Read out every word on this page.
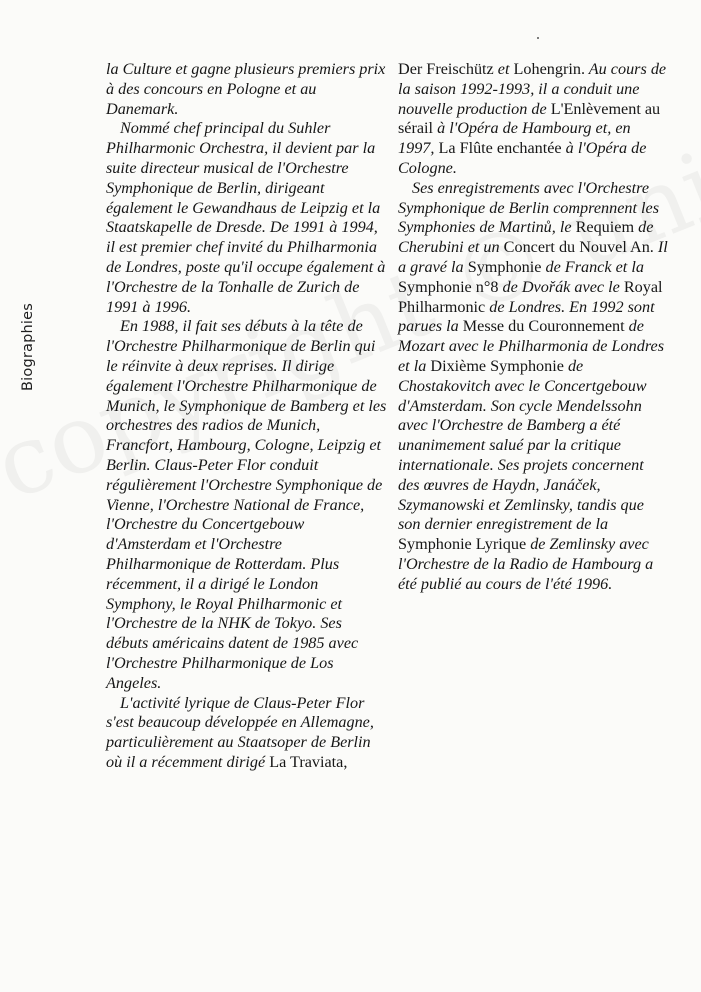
Biographies

la Culture et gagne plusieurs premiers prix à des concours en Pologne et au Danemark.

Nommé chef principal du Suhler Philharmonic Orchestra, il devient par la suite directeur musical de l'Orchestre Symphonique de Berlin, dirigeant également le Gewandhaus de Leipzig et la Staatskapelle de Dresde. De 1991 à 1994, il est premier chef invité du Philharmonia de Londres, poste qu'il occupe également à l'Orchestre de la Tonhalle de Zurich de 1991 à 1996.

En 1988, il fait ses débuts à la tête de l'Orchestre Philharmonique de Berlin qui le réinvite à deux reprises. Il dirige également l'Orchestre Philharmonique de Munich, le Symphonique de Bamberg et les orchestres des radios de Munich, Francfort, Hambourg, Cologne, Leipzig et Berlin. Claus-Peter Flor conduit régulièrement l'Orchestre Symphonique de Vienne, l'Orchestre National de France, l'Orchestre du Concertgebouw d'Amsterdam et l'Orchestre Philharmonique de Rotterdam. Plus récemment, il a dirigé le London Symphony, le Royal Philharmonic et l'Orchestre de la NHK de Tokyo. Ses débuts américains datent de 1985 avec l'Orchestre Philharmonique de Los Angeles.

L'activité lyrique de Claus-Peter Flor s'est beaucoup développée en Allemagne, particulièrement au Staatsoper de Berlin où il a récemment dirigé La Traviata,

Der Freischütz et Lohengrin. Au cours de la saison 1992-1993, il a conduit une nouvelle production de L'Enlèvement au sérail à l'Opéra de Hambourg et, en 1997, La Flûte enchantée à l'Opéra de Cologne.

Ses enregistrements avec l'Orchestre Symphonique de Berlin comprennent les Symphonies de Martinů, le Requiem de Cherubini et un Concert du Nouvel An. Il a gravé la Symphonie de Franck et la Symphonie n°8 de Dvořák avec le Royal Philharmonic de Londres. En 1992 sont parues la Messe du Couronnement de Mozart avec le Philharmonia de Londres et la Dixième Symphonie de Chostakovitch avec le Concertgebouw d'Amsterdam. Son cycle Mendelssohn avec l'Orchestre de Bamberg a été unanimement salué par la critique internationale. Ses projets concernent des œuvres de Haydn, Janáček, Szymanowski et Zemlinsky, tandis que son dernier enregistrement de la Symphonie Lyrique de Zemlinsky avec l'Orchestre de la Radio de Hambourg a été publié au cours de l'été 1996.
